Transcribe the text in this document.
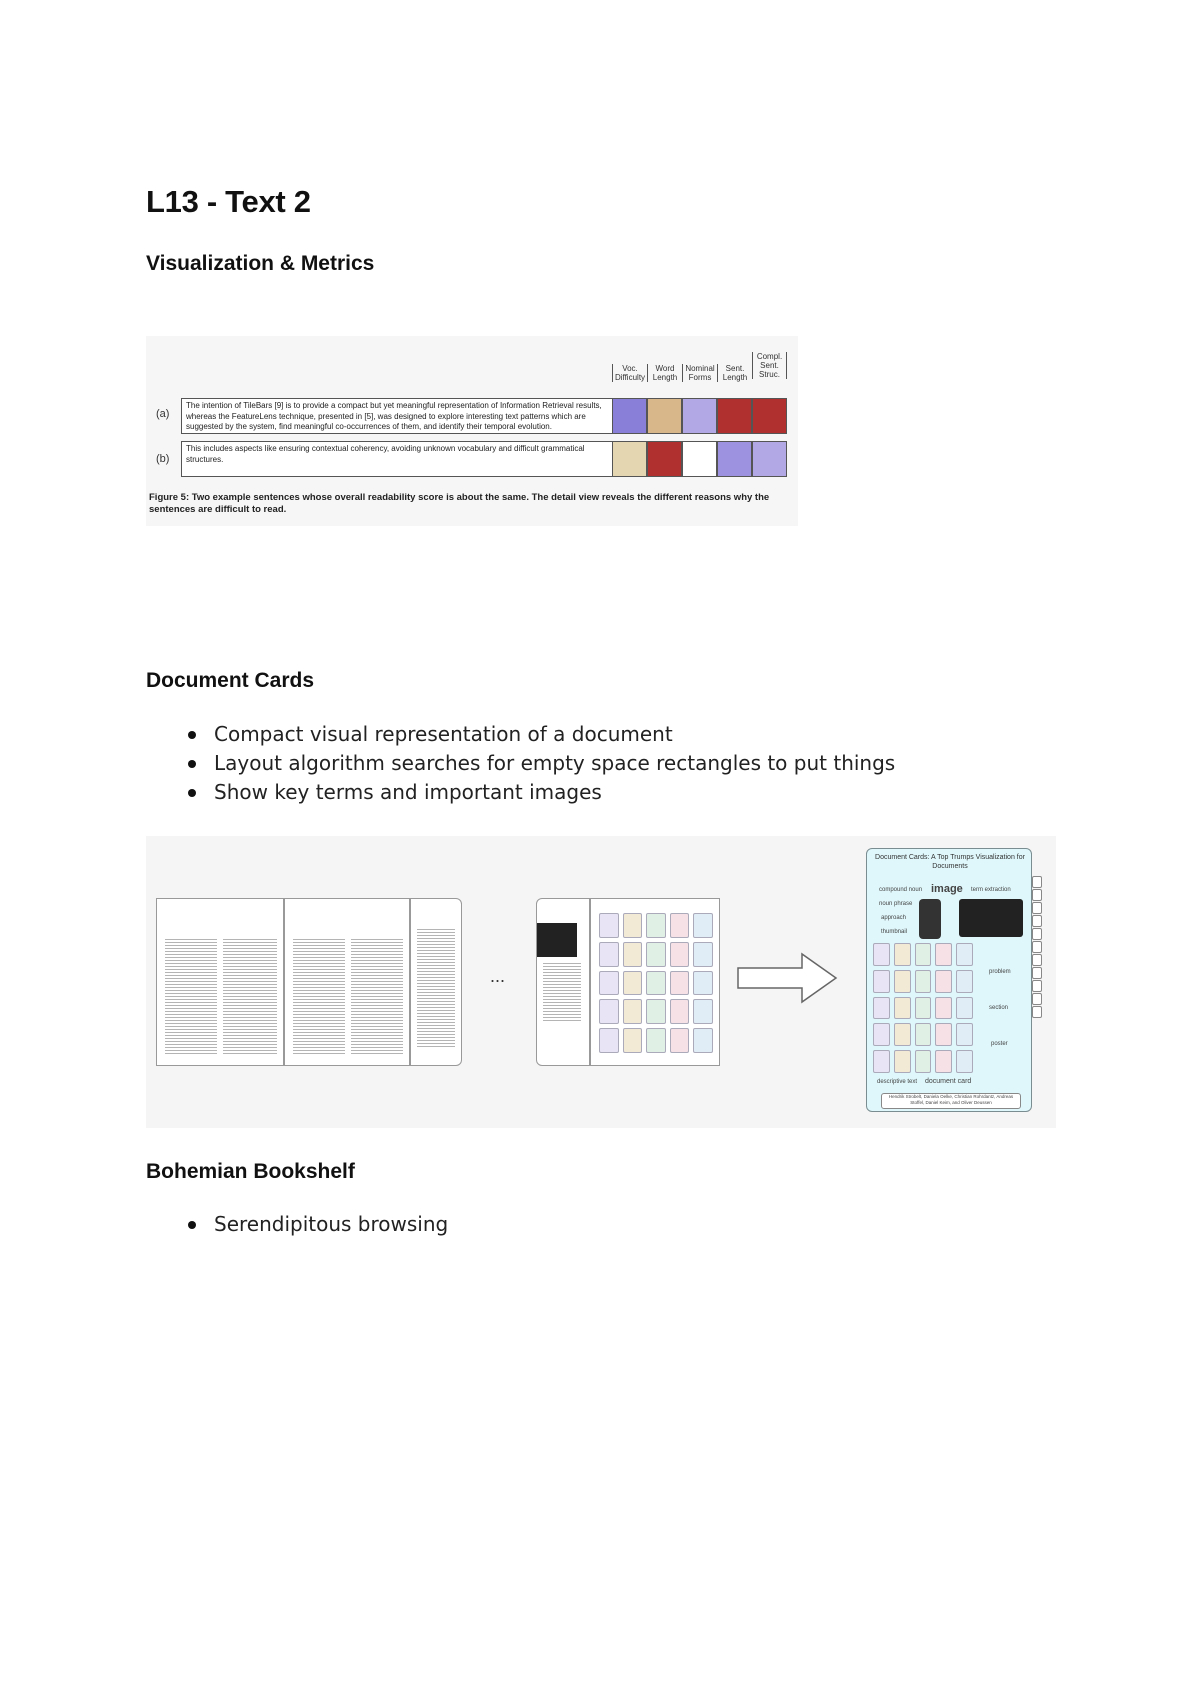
L13 - Text 2
Visualization & Metrics
Voc. Difficulty
Word Length
Nominal Forms
Sent. Length
Compl. Sent. Struc.
(a)
The intention of TileBars [9] is to provide a compact but yet meaningful representation of Information Retrieval results, whereas the FeatureLens technique, presented in [5], was designed to explore interesting text patterns which are suggested by the system, find meaningful co-occurrences of them, and identify their temporal evolution.
(b)
This includes aspects like ensuring contextual coherency, avoiding unknown vocabulary and difficult grammatical structures.
Figure 5: Two example sentences whose overall readability score is about the same. The detail view reveals the different reasons why the sentences are difficult to read.
Document Cards
Compact visual representation of a document
Layout algorithm searches for empty space rectangles to put things
Show key terms and important images
...
Document Cards: A Top Trumps Visualization for Documents
compound noun image term extraction
noun phrase
approach
thumbnail
problem
section
poster
descriptive text document card
Hendrik Strobelt, Daniela Oelke, Christian Rohrdantz, Andreas Stoffel, Daniel Keim, and Oliver Deussen
Bohemian Bookshelf
Serendipitous browsing
